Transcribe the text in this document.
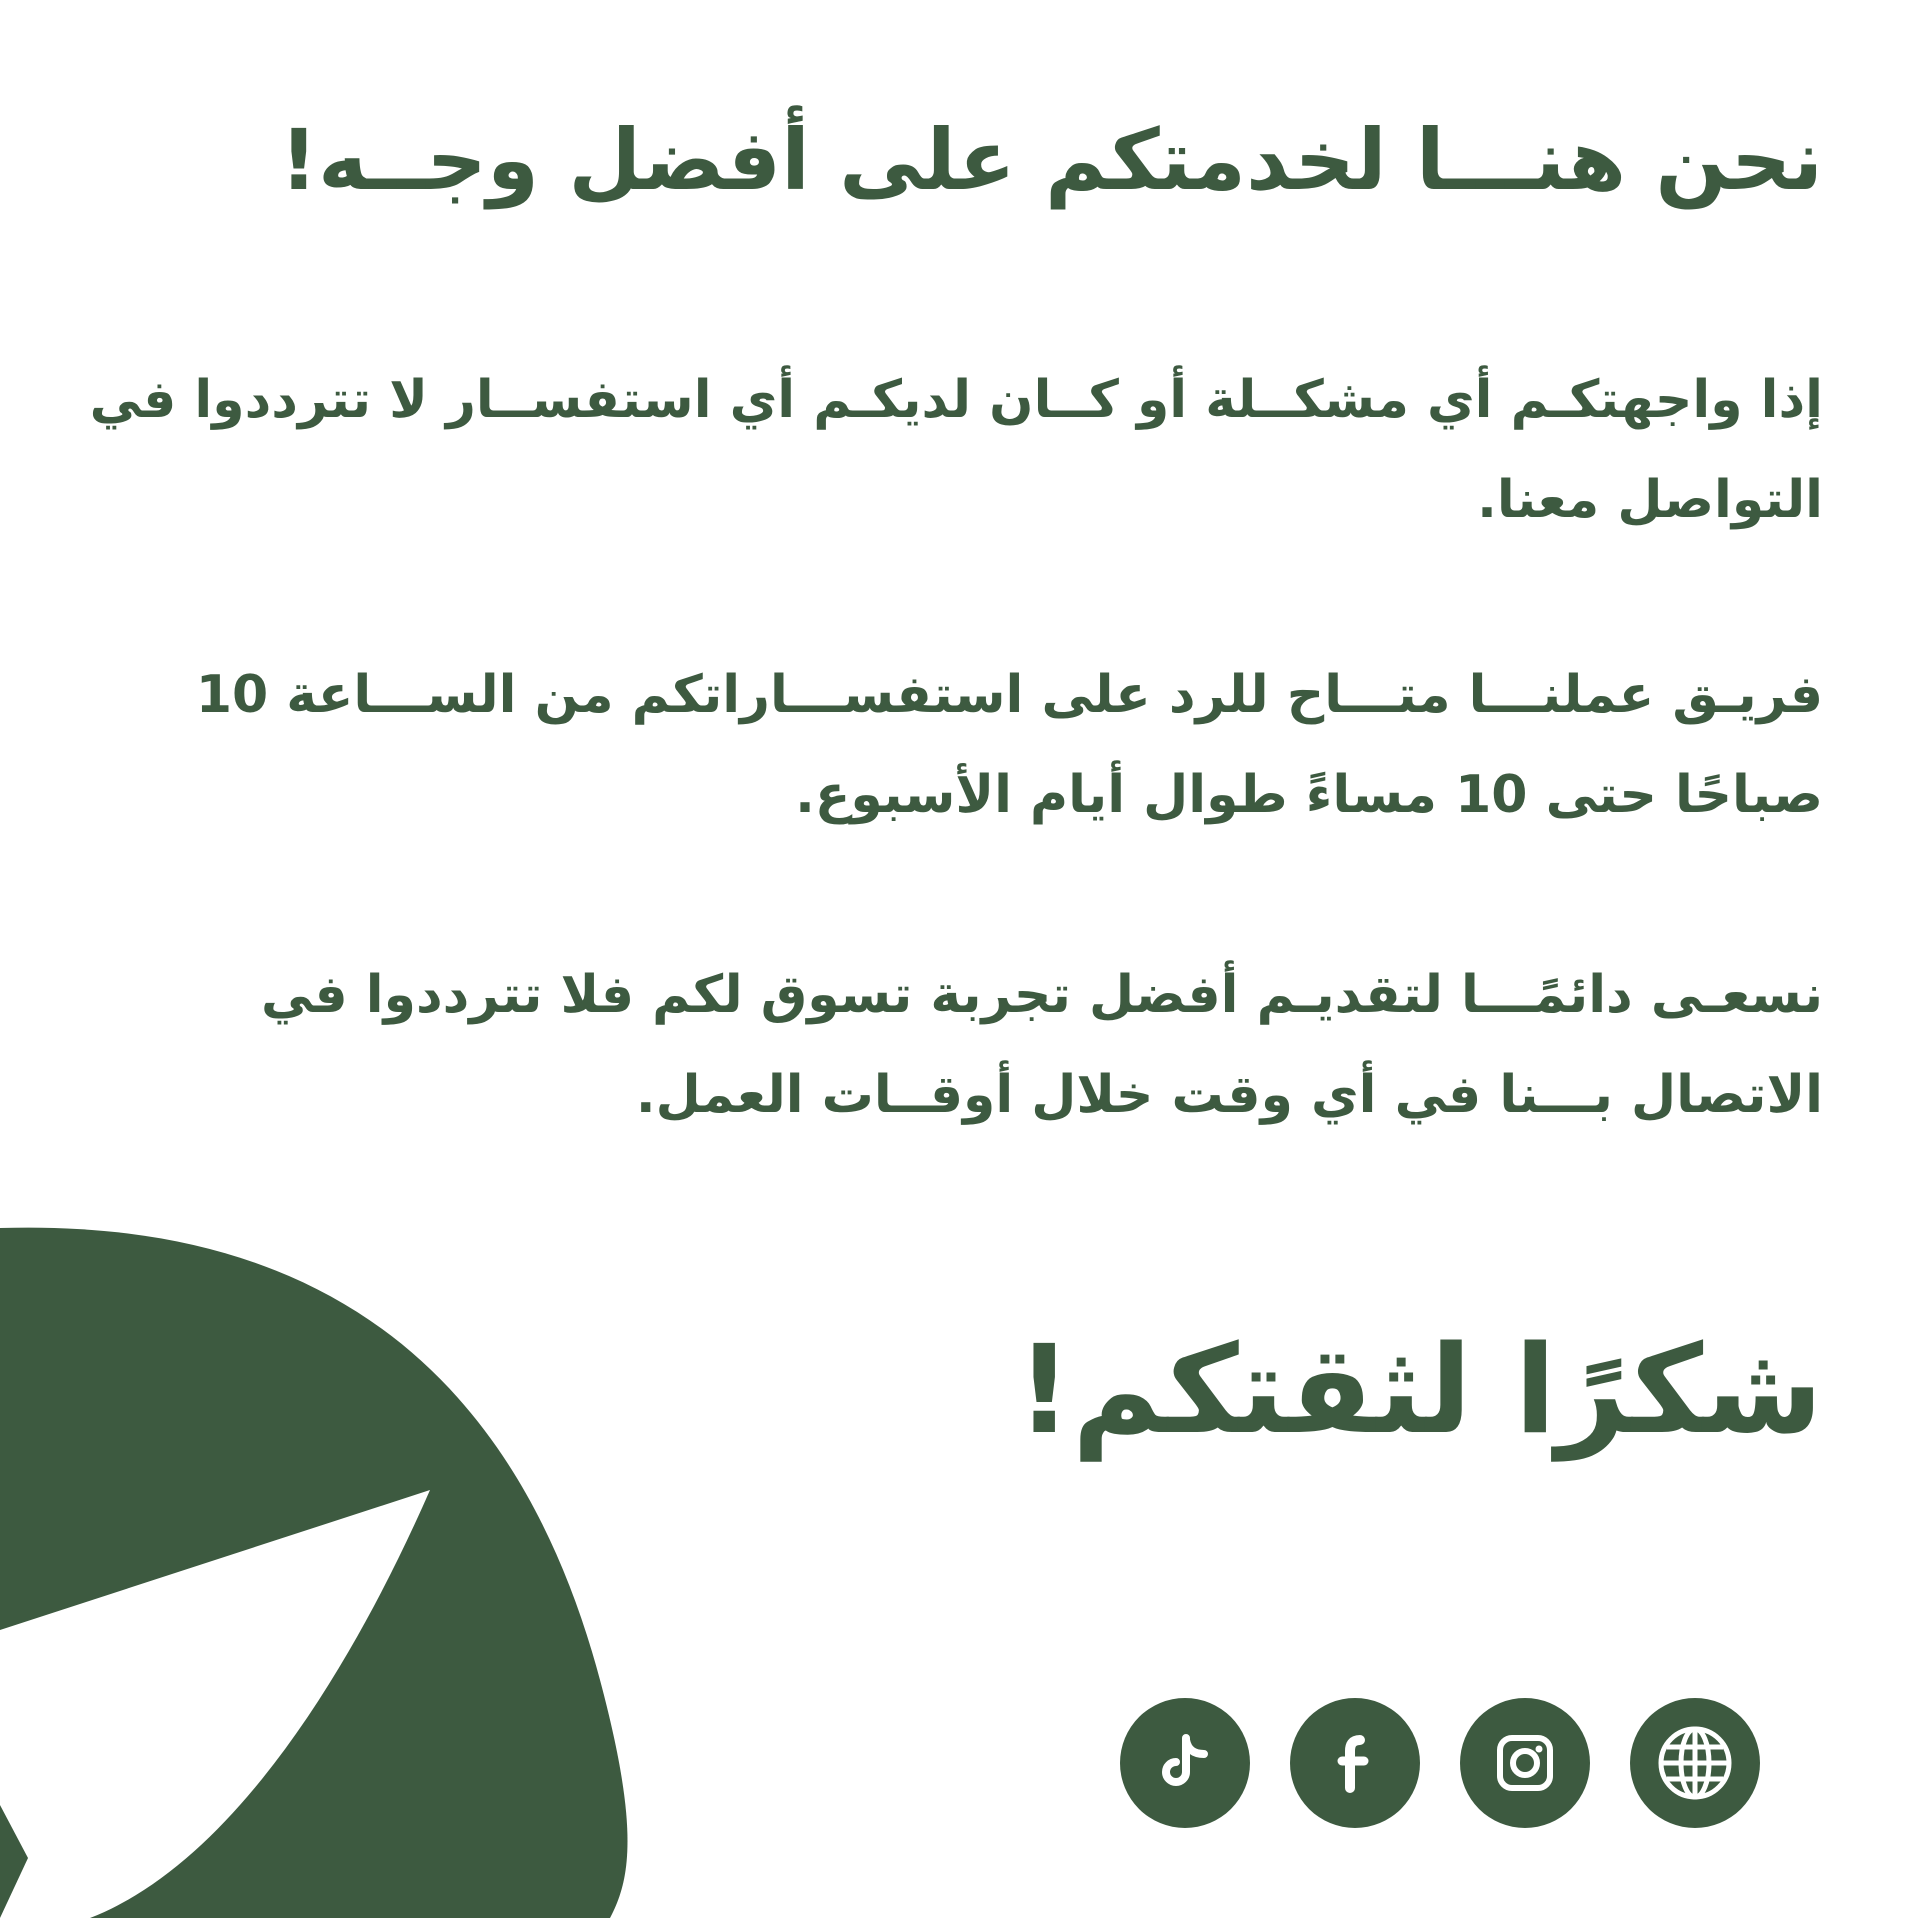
نحن هنـــا لخدمتكم على أفضل وجــه!

إذا واجهتكـم أي مشكــلة أو كــان لديكـم أي استفســار لا تترددوا في التواصل معنا.

فريـق عملنـــا متـــاح للرد على استفســـاراتكم من الســـاعة 10 صباحًا حتى 10 مساءً طوال أيام الأسبوع.

نسعـى دائمًـــا لتقديـم أفضل تجربة تسوق لكم فلا تترددوا في الاتصال بـــنا في أي وقت خلال أوقــات العمل.

شكرًا لثقتكم!
